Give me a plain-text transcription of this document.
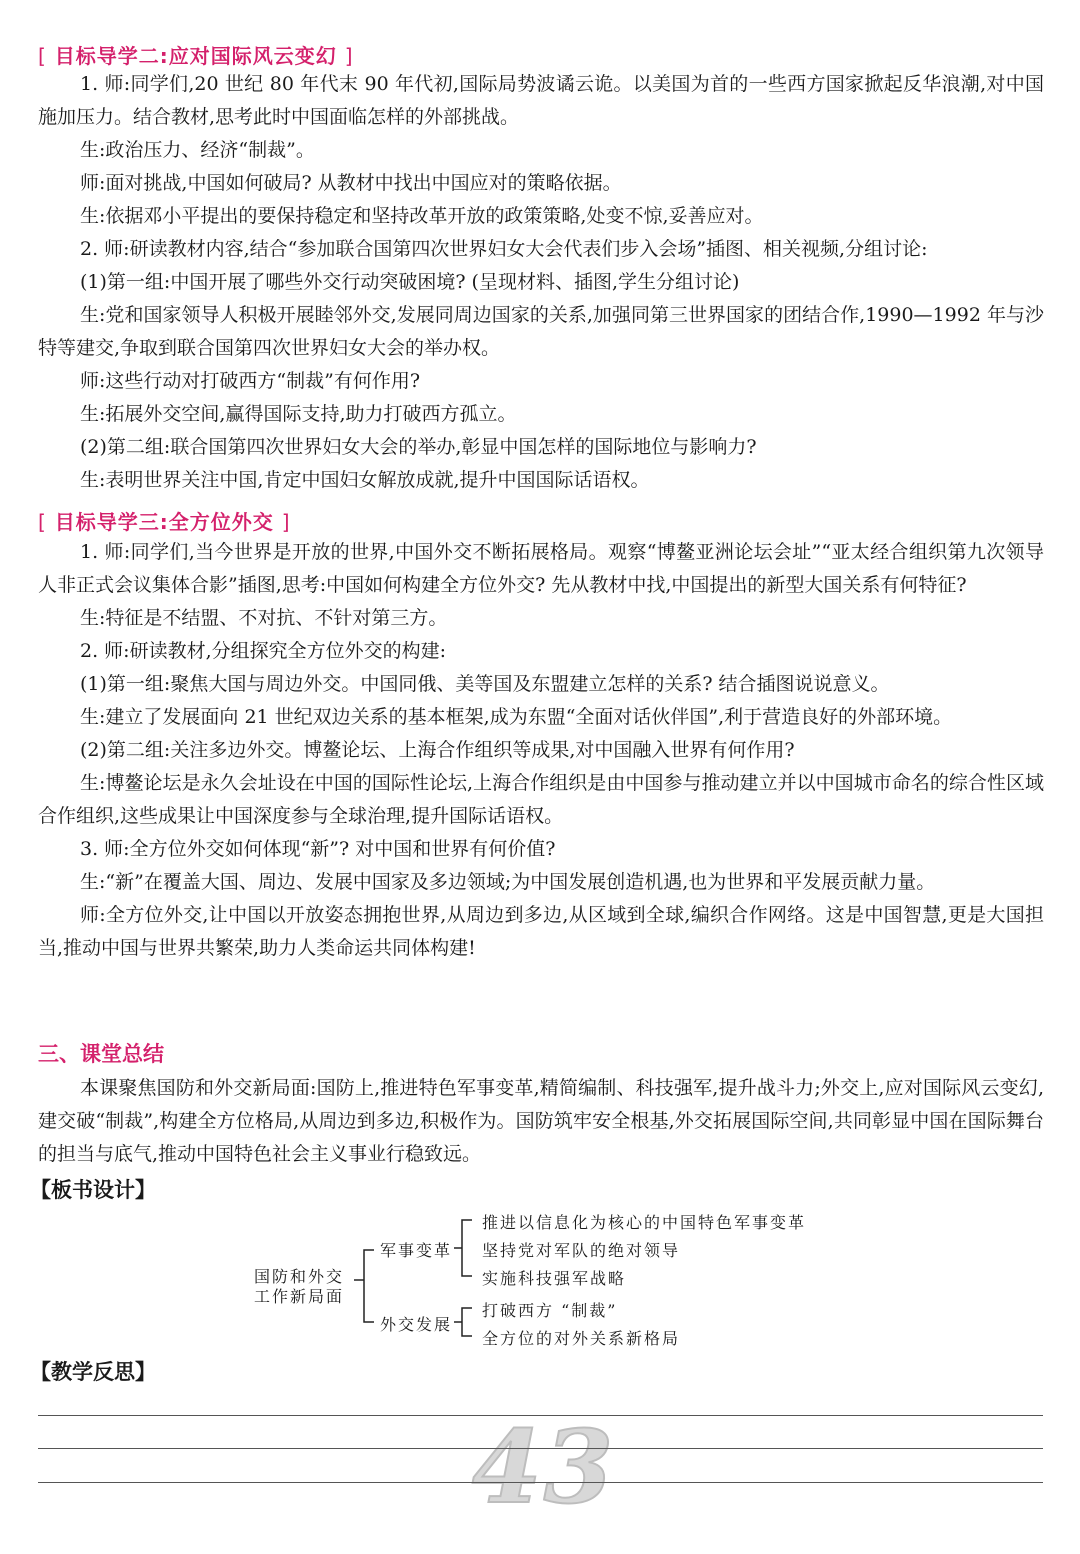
[ 目标导学二:应对国际风云变幻 ]

1. 师:同学们,20 世纪 80 年代末 90 年代初,国际局势波谲云诡。以美国为首的一些西方国家掀起反华浪潮,对中国施加压力。结合教材,思考此时中国面临怎样的外部挑战。

生:政治压力、经济“制裁”。

师:面对挑战,中国如何破局? 从教材中找出中国应对的策略依据。

生:依据邓小平提出的要保持稳定和坚持改革开放的政策策略,处变不惊,妥善应对。

2. 师:研读教材内容,结合“参加联合国第四次世界妇女大会代表们步入会场”插图、相关视频,分组讨论:

(1)第一组:中国开展了哪些外交行动突破困境? (呈现材料、插图,学生分组讨论)

生:党和国家领导人积极开展睦邻外交,发展同周边国家的关系,加强同第三世界国家的团结合作,1990—1992 年与沙特等建交,争取到联合国第四次世界妇女大会的举办权。

师:这些行动对打破西方“制裁”有何作用?

生:拓展外交空间,赢得国际支持,助力打破西方孤立。

(2)第二组:联合国第四次世界妇女大会的举办,彰显中国怎样的国际地位与影响力?

生:表明世界关注中国,肯定中国妇女解放成就,提升中国国际话语权。

[ 目标导学三:全方位外交 ]

1. 师:同学们,当今世界是开放的世界,中国外交不断拓展格局。观察“博鳌亚洲论坛会址”“亚太经合组织第九次领导人非正式会议集体合影”插图,思考:中国如何构建全方位外交? 先从教材中找,中国提出的新型大国关系有何特征?

生:特征是不结盟、不对抗、不针对第三方。

2. 师:研读教材,分组探究全方位外交的构建:

(1)第一组:聚焦大国与周边外交。中国同俄、美等国及东盟建立怎样的关系? 结合插图说说意义。

生:建立了发展面向 21 世纪双边关系的基本框架,成为东盟“全面对话伙伴国”,利于营造良好的外部环境。

(2)第二组:关注多边外交。博鳌论坛、上海合作组织等成果,对中国融入世界有何作用?

生:博鳌论坛是永久会址设在中国的国际性论坛,上海合作组织是由中国参与推动建立并以中国城市命名的综合性区域合作组织,这些成果让中国深度参与全球治理,提升国际话语权。

3. 师:全方位外交如何体现“新”? 对中国和世界有何价值?

生:“新”在覆盖大国、周边、发展中国家及多边领域;为中国发展创造机遇,也为世界和平发展贡献力量。

师:全方位外交,让中国以开放姿态拥抱世界,从周边到多边,从区域到全球,编织合作网络。这是中国智慧,更是大国担当,推动中国与世界共繁荣,助力人类命运共同体构建!

三、课堂总结

本课聚焦国防和外交新局面:国防上,推进特色军事变革,精简编制、科技强军,提升战斗力;外交上,应对国际风云变幻,建交破“制裁”,构建全方位格局,从周边到多边,积极作为。国防筑牢安全根基,外交拓展国际空间,共同彰显中国在国际舞台的担当与底气,推动中国特色社会主义事业行稳致远。

【板书设计】
国防和外交
工作新局面
军事变革
外交发展
推进以信息化为核心的中国特色军事变革
坚持党对军队的绝对领导
实施科技强军战略
打破西方 “制裁”
全方位的对外关系新格局
【教学反思】
43
